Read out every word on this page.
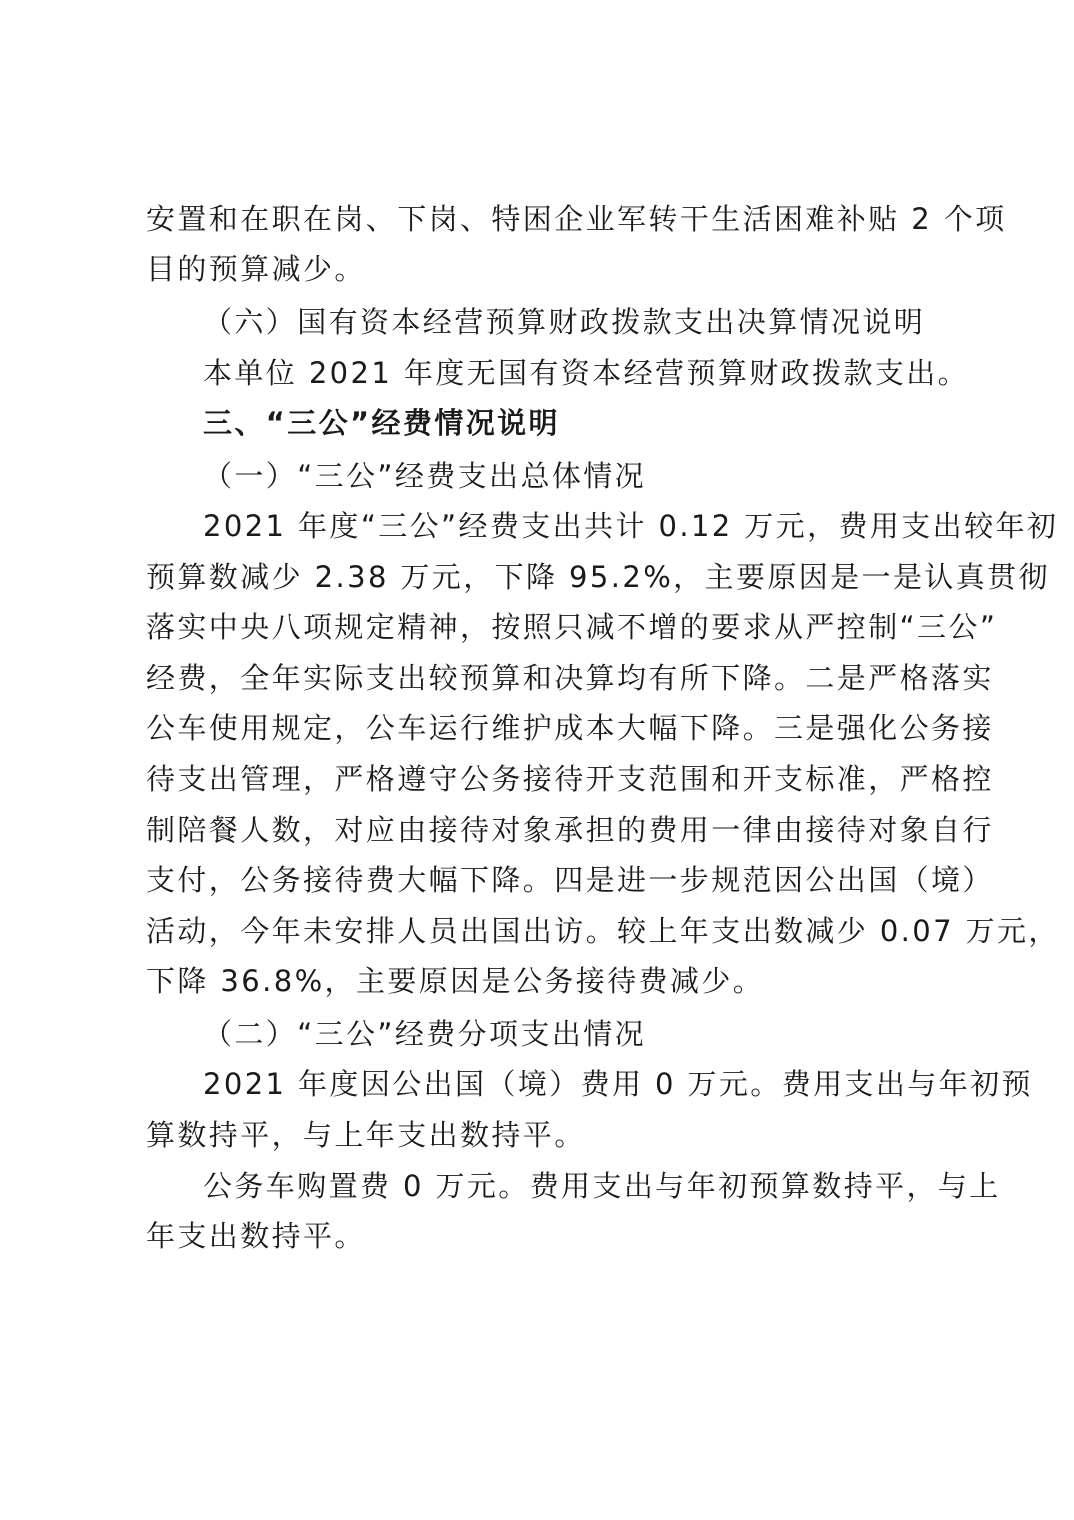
安置和在职在岗、下岗、特困企业军转干生活困难补贴 2 个项
目的预算减少。
（六）国有资本经营预算财政拨款支出决算情况说明
本单位 2021 年度无国有资本经营预算财政拨款支出。
三、“三公”经费情况说明
（一）“三公”经费支出总体情况
2021 年度“三公”经费支出共计 0.12 万元，费用支出较年初
预算数减少 2.38 万元，下降 95.2%，主要原因是一是认真贯彻
落实中央八项规定精神，按照只减不增的要求从严控制“三公”
经费，全年实际支出较预算和决算均有所下降。二是严格落实
公车使用规定，公车运行维护成本大幅下降。三是强化公务接
待支出管理，严格遵守公务接待开支范围和开支标准，严格控
制陪餐人数，对应由接待对象承担的费用一律由接待对象自行
支付，公务接待费大幅下降。四是进一步规范因公出国（境）
活动，今年未安排人员出国出访。较上年支出数减少 0.07 万元，
下降 36.8%，主要原因是公务接待费减少。
（二）“三公”经费分项支出情况
2021 年度因公出国（境）费用 0 万元。费用支出与年初预
算数持平，与上年支出数持平。
公务车购置费 0 万元。费用支出与年初预算数持平，与上
年支出数持平。
